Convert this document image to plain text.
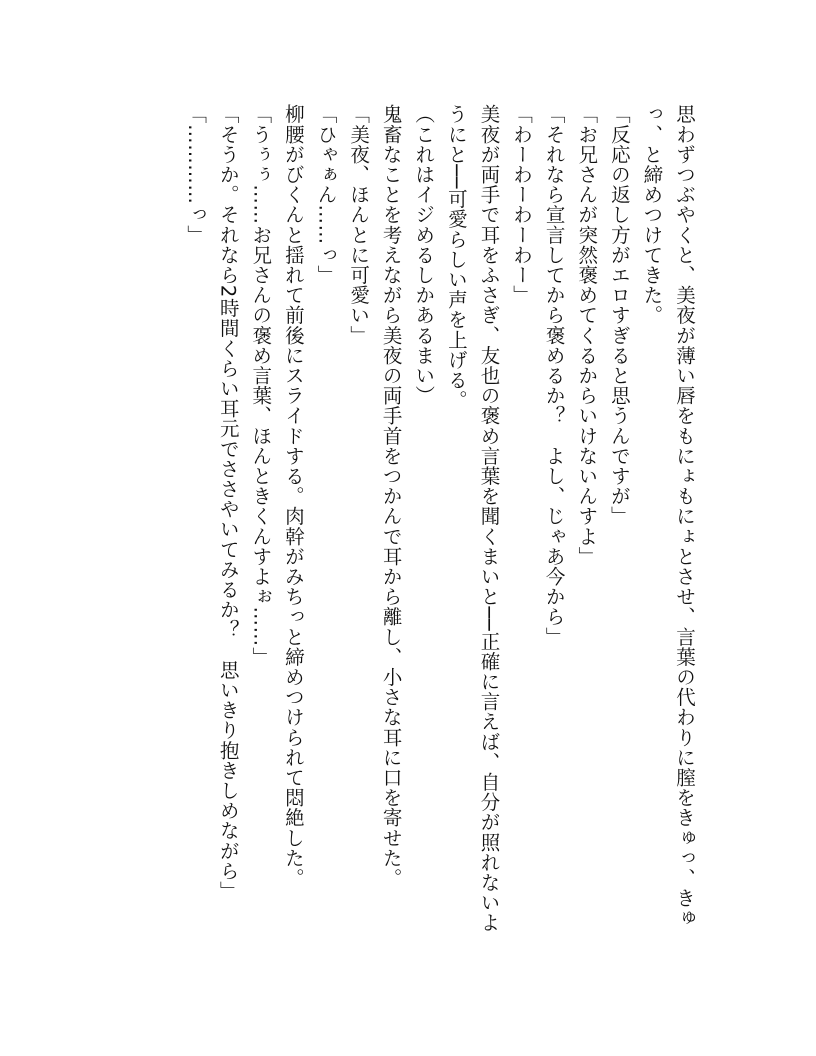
思わずつぶやくと、美夜が薄い唇をもにょもにょとさせ、言葉の代わりに膣をきゅっ、きゅ
っ、と締めつけてきた。
「反応の返し方がエロすぎると思うんですが」
「お兄さんが突然褒めてくるからいけないんすよ」
「それなら宣言してから褒めるか？　よし、じゃあ今から」
「わーわーわーわー」
美夜が両手で耳をふさぎ、友也の褒め言葉を聞くまいと──正確に言えば、自分が照れないよ
うにと──可愛らしい声を上げる。
（これはイジめるしかあるまい）
鬼畜なことを考えながら美夜の両手首をつかんで耳から離し、小さな耳に口を寄せた。
「美夜、ほんとに可愛い」
「ひゃぁん……っ」
柳腰がびくんと揺れて前後にスライドする。肉幹がみちっと締めつけられて悶絶した。
「うぅぅ……お兄さんの褒め言葉、ほんときくんすよぉ……」
「そうか。それなら2時間くらい耳元でささやいてみるか？　思いきり抱きしめながら」
「…………っ」
